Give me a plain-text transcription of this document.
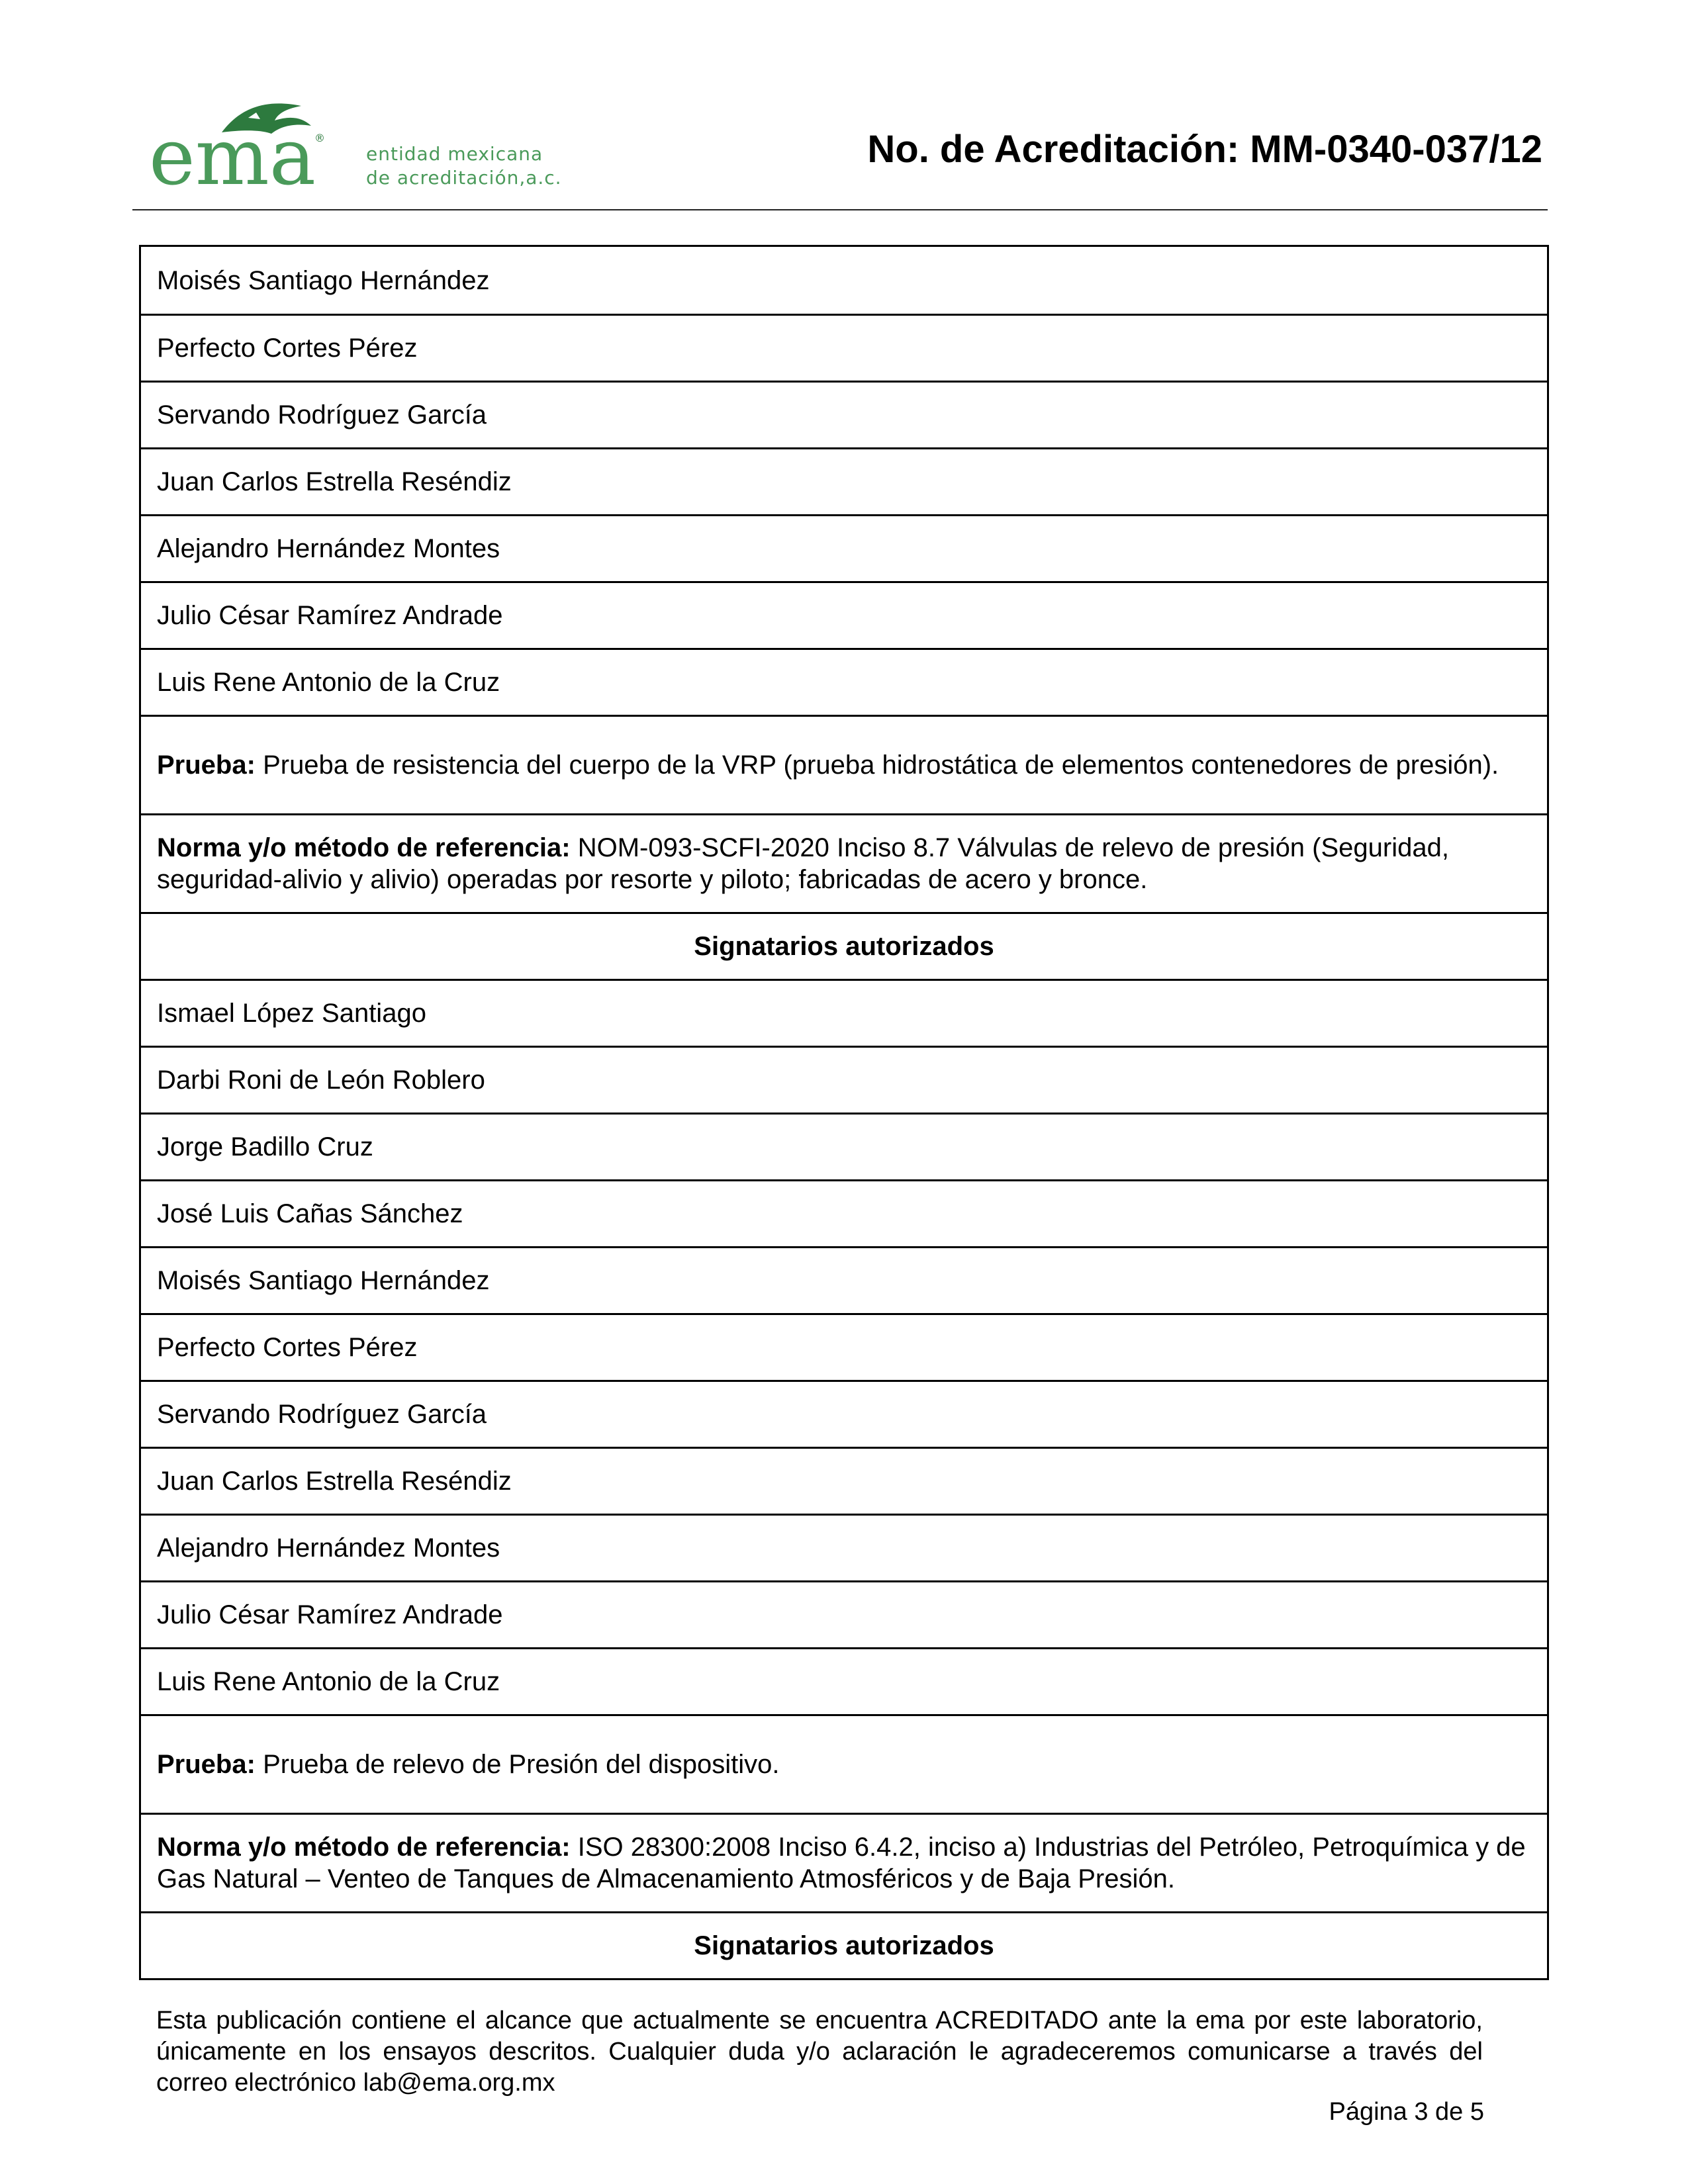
ema
®
entidad mexicana
de acreditación,a.c.
No. de Acreditación: MM-0340-037/12
Moisés Santiago Hernández
Perfecto Cortes Pérez
Servando Rodríguez García
Juan Carlos Estrella Reséndiz
Alejandro Hernández Montes
Julio César Ramírez Andrade
Luis Rene Antonio de la Cruz
Prueba: Prueba de resistencia del cuerpo de la VRP (prueba hidrostática de elementos contenedores de presión).
Norma y/o método de referencia: NOM-093-SCFI-2020 Inciso 8.7 Válvulas de relevo de presión (Seguridad, seguridad-alivio y alivio) operadas por resorte y piloto; fabricadas de acero y bronce.
Signatarios autorizados
Ismael López Santiago
Darbi Roni de León Roblero
Jorge Badillo Cruz
José Luis Cañas Sánchez
Moisés Santiago Hernández
Perfecto Cortes Pérez
Servando Rodríguez García
Juan Carlos Estrella Reséndiz
Alejandro Hernández Montes
Julio César Ramírez Andrade
Luis Rene Antonio de la Cruz
Prueba: Prueba de relevo de Presión del dispositivo.
Norma y/o método de referencia: ISO 28300:2008 Inciso 6.4.2, inciso a) Industrias del Petróleo, Petroquímica y de Gas Natural – Venteo de Tanques de Almacenamiento Atmosféricos y de Baja Presión.
Signatarios autorizados
Esta publicación contiene el alcance que actualmente se encuentra ACREDITADO ante la ema por este laboratorio, únicamente en los ensayos descritos. Cualquier duda y/o aclaración le agradeceremos comunicarse a través del correo electrónico lab@ema.org.mx
Página 3 de 5
